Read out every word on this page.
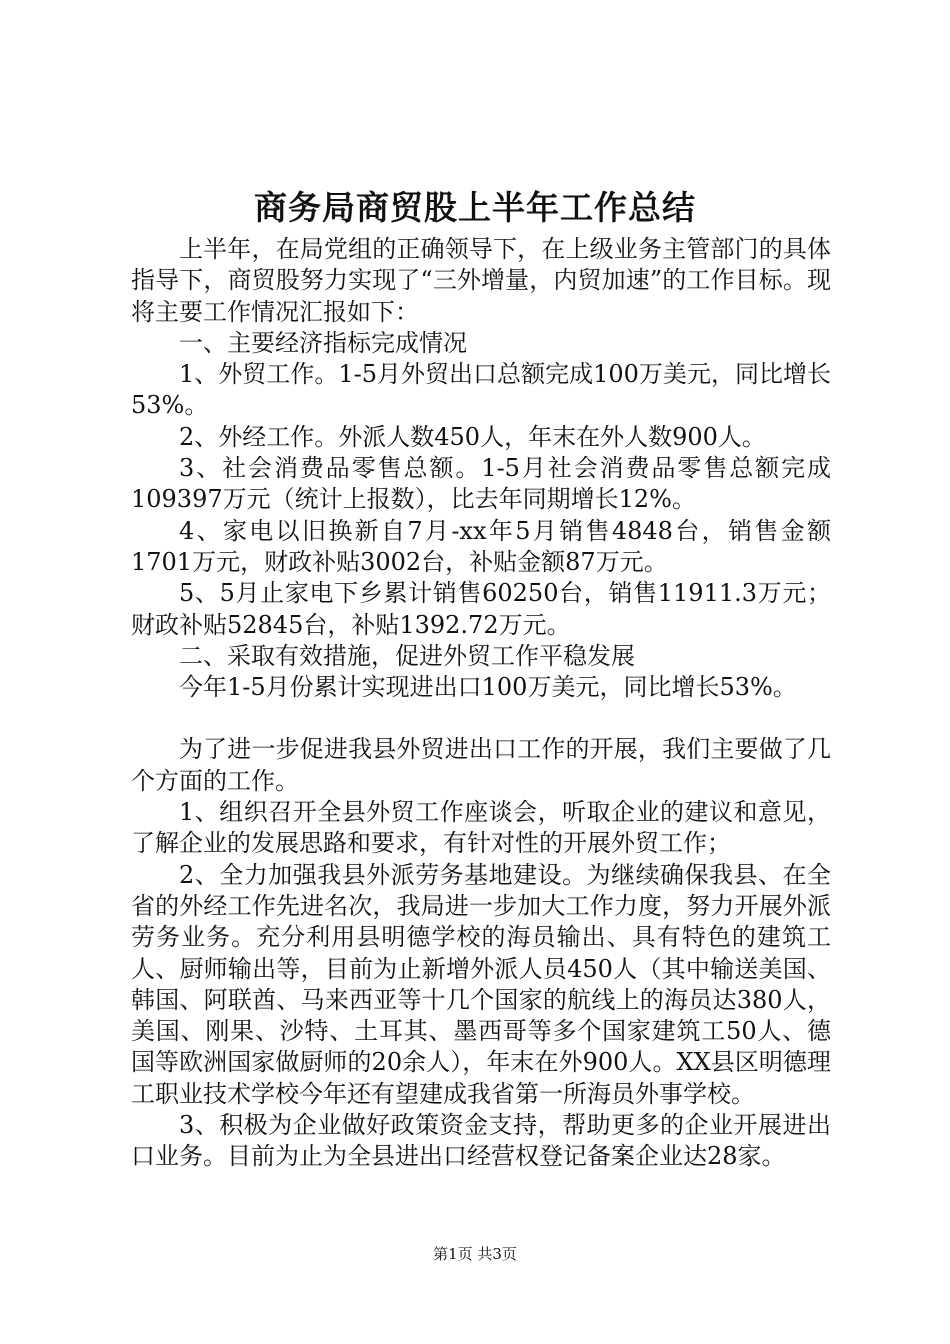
商务局商贸股上半年工作总结

上半年，在局党组的正确领导下，在上级业务主管部门的具体指导下，商贸股努力实现了“三外增量，内贸加速”的工作目标。现将主要工作情况汇报如下：

一、主要经济指标完成情况

1、外贸工作。1-5月外贸出口总额完成100万美元，同比增长53%。

2、外经工作。外派人数450人，年末在外人数900人。

3、社会消费品零售总额。1-5月社会消费品零售总额完成109397万元（统计上报数），比去年同期增长12%。

4、家电以旧换新自7月-xx年5月销售4848台，销售金额1701万元，财政补贴3002台，补贴金额87万元。

5、5月止家电下乡累计销售60250台，销售11911.3万元；财政补贴52845台，补贴1392.72万元。

二、采取有效措施，促进外贸工作平稳发展

今年1-5月份累计实现进出口100万美元，同比增长53%。

为了进一步促进我县外贸进出口工作的开展，我们主要做了几个方面的工作。

1、组织召开全县外贸工作座谈会，听取企业的建议和意见，了解企业的发展思路和要求，有针对性的开展外贸工作；

2、全力加强我县外派劳务基地建设。为继续确保我县、在全省的外经工作先进名次，我局进一步加大工作力度，努力开展外派劳务业务。充分利用县明德学校的海员输出、具有特色的建筑工人、厨师输出等，目前为止新增外派人员450人（其中输送美国、韩国、阿联酋、马来西亚等十几个国家的航线上的海员达380人，美国、刚果、沙特、土耳其、墨西哥等多个国家建筑工50人、德国等欧洲国家做厨师的20余人），年末在外900人。XX县区明德理工职业技术学校今年还有望建成我省第一所海员外事学校。

3、积极为企业做好政策资金支持，帮助更多的企业开展进出口业务。目前为止为全县进出口经营权登记备案企业达28家。

第1页 共3页
